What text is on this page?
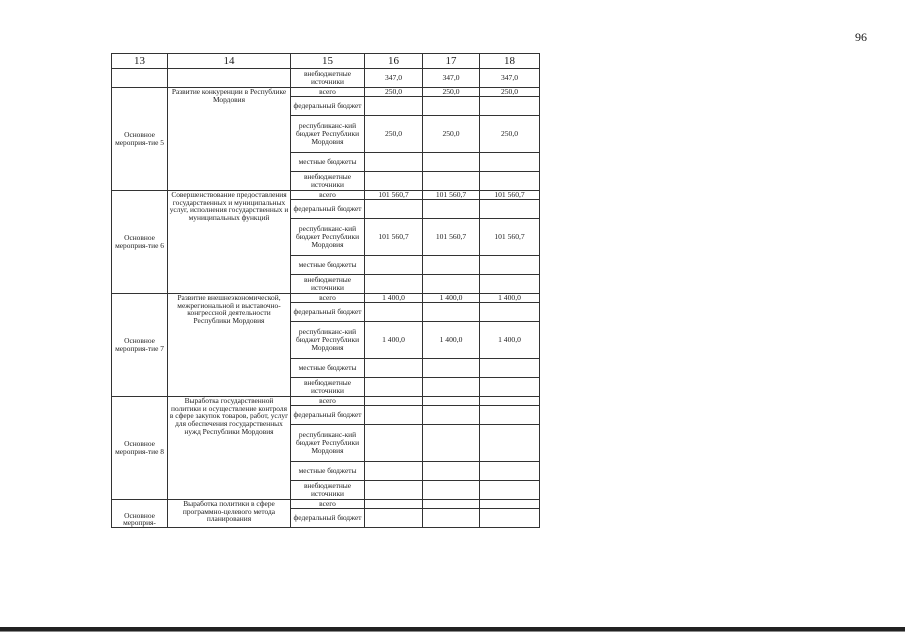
96
13	14	15	16	17	18
		внебюджетные источники	347,0	347,0	347,0
Основное мероприя-тие 5	Развитие конкуренции в Республике Мордовия	всего	250,0	250,0	250,0
		федеральный бюджет			
		республиканс-кий бюджет Республики Мордовия	250,0	250,0	250,0
		местные бюджеты			
		внебюджетные источники			
Основное мероприя-тие 6	Совершенствование предоставления государственных и муниципальных услуг, исполнения государственных и муниципальных функций	всего	101 560,7	101 560,7	101 560,7
		федеральный бюджет			
		республиканс-кий бюджет Республики Мордовия	101 560,7	101 560,7	101 560,7
		местные бюджеты			
		внебюджетные источники			
Основное мероприя-тие 7	Развитие внешнеэкономической, межрегиональной и выставочно-конгрессной деятельности Республики Мордовия	всего	1 400,0	1 400,0	1 400,0
		федеральный бюджет			
		республиканс-кий бюджет Республики Мордовия	1 400,0	1 400,0	1 400,0
		местные бюджеты			
		внебюджетные источники			
Основное мероприя-тие 8	Выработка государственной политики и осуществление контроля в сфере закупок товаров, работ, услуг для обеспечения государственных нужд Республики Мордовия	всего			
		федеральный бюджет			
		республиканс-кий бюджет Республики Мордовия			
		местные бюджеты			
		внебюджетные источники			
Основное мероприя-	Выработка политики в сфере программно-целевого метода планирования	всего			
		федеральный бюджет			
